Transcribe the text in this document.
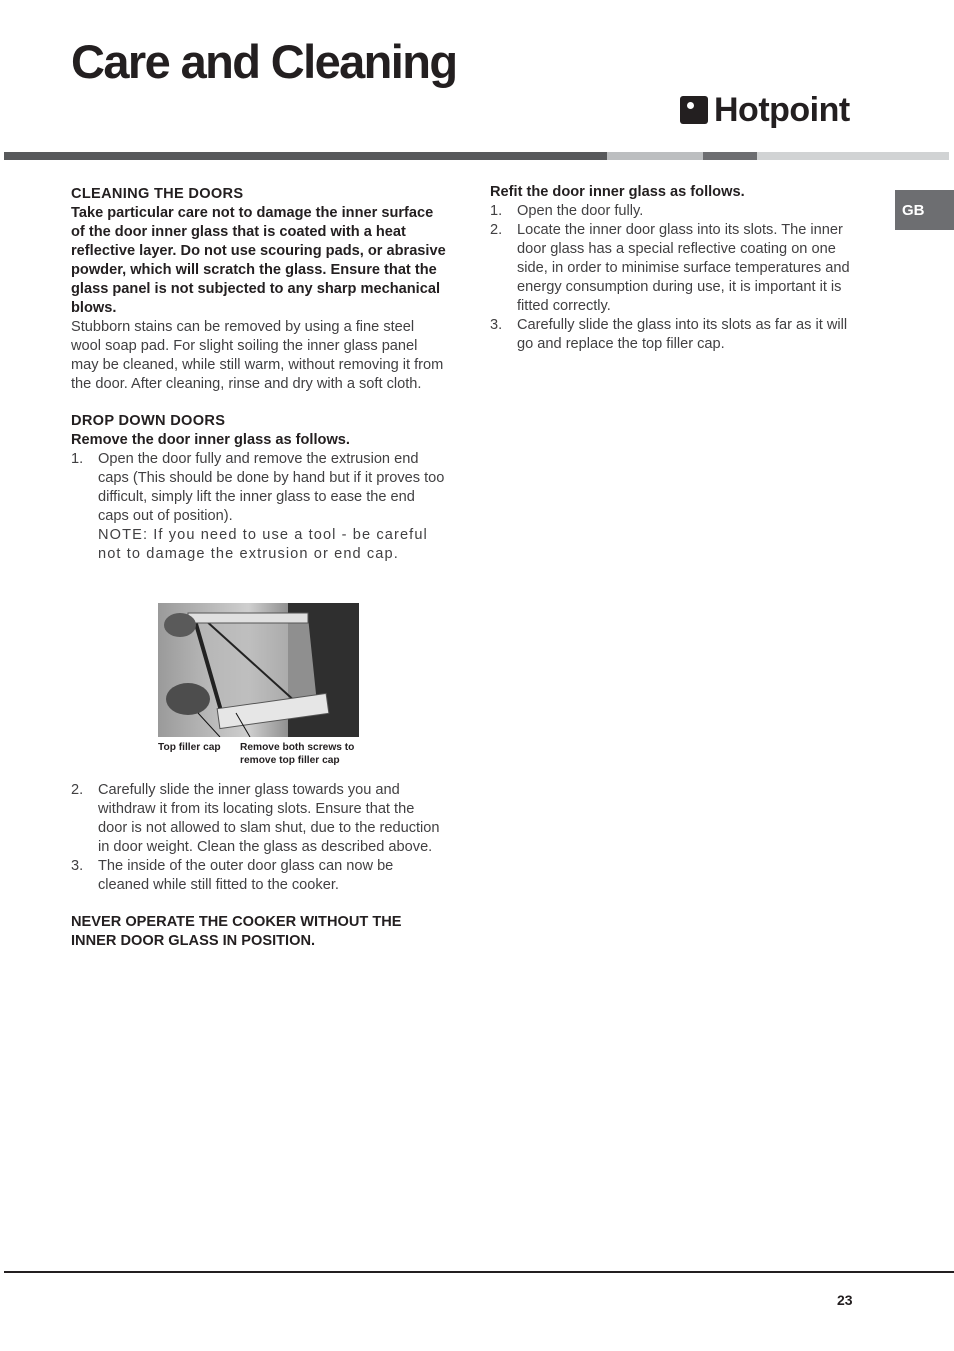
Care and Cleaning
Hotpoint
GB

CLEANING THE DOORS

Take particular care not to damage the inner surface of the door inner glass that is coated with a heat reflective layer. Do not use scouring pads, or abrasive powder, which will scratch the glass. Ensure that the glass panel is not subjected to any sharp mechanical blows.

Stubborn stains can be removed by using a fine steel wool soap pad. For slight soiling the inner glass panel may be cleaned, while still warm, without removing it from the door. After cleaning, rinse and dry with a soft cloth.

DROP DOWN DOORS

Remove the door inner glass as follows.

1. Open the door fully and remove the extrusion end caps (This should be done by hand but if it proves too difficult, simply lift the inner glass to ease the end caps out of position).
NOTE: If you need to use a tool - be careful not to damage the extrusion or end cap.
Top filler cap	Remove both screws to remove top filler cap
2. Carefully slide the inner glass towards you and withdraw it from its locating slots. Ensure that the door is not allowed to slam shut, due to the reduction in door weight. Clean the glass as described above.
3. The inside of the outer door glass can now be cleaned while still fitted to the cooker.

NEVER OPERATE THE COOKER WITHOUT THE INNER DOOR GLASS IN POSITION.

Refit the door inner glass as follows.

1. Open the door fully.
2. Locate the inner door glass into its slots. The inner door glass has a special reflective coating on one side, in order to minimise surface temperatures and energy consumption during use, it is important it is fitted correctly.
3. Carefully slide the glass into its slots as far as it will go and replace the top filler cap.
23
